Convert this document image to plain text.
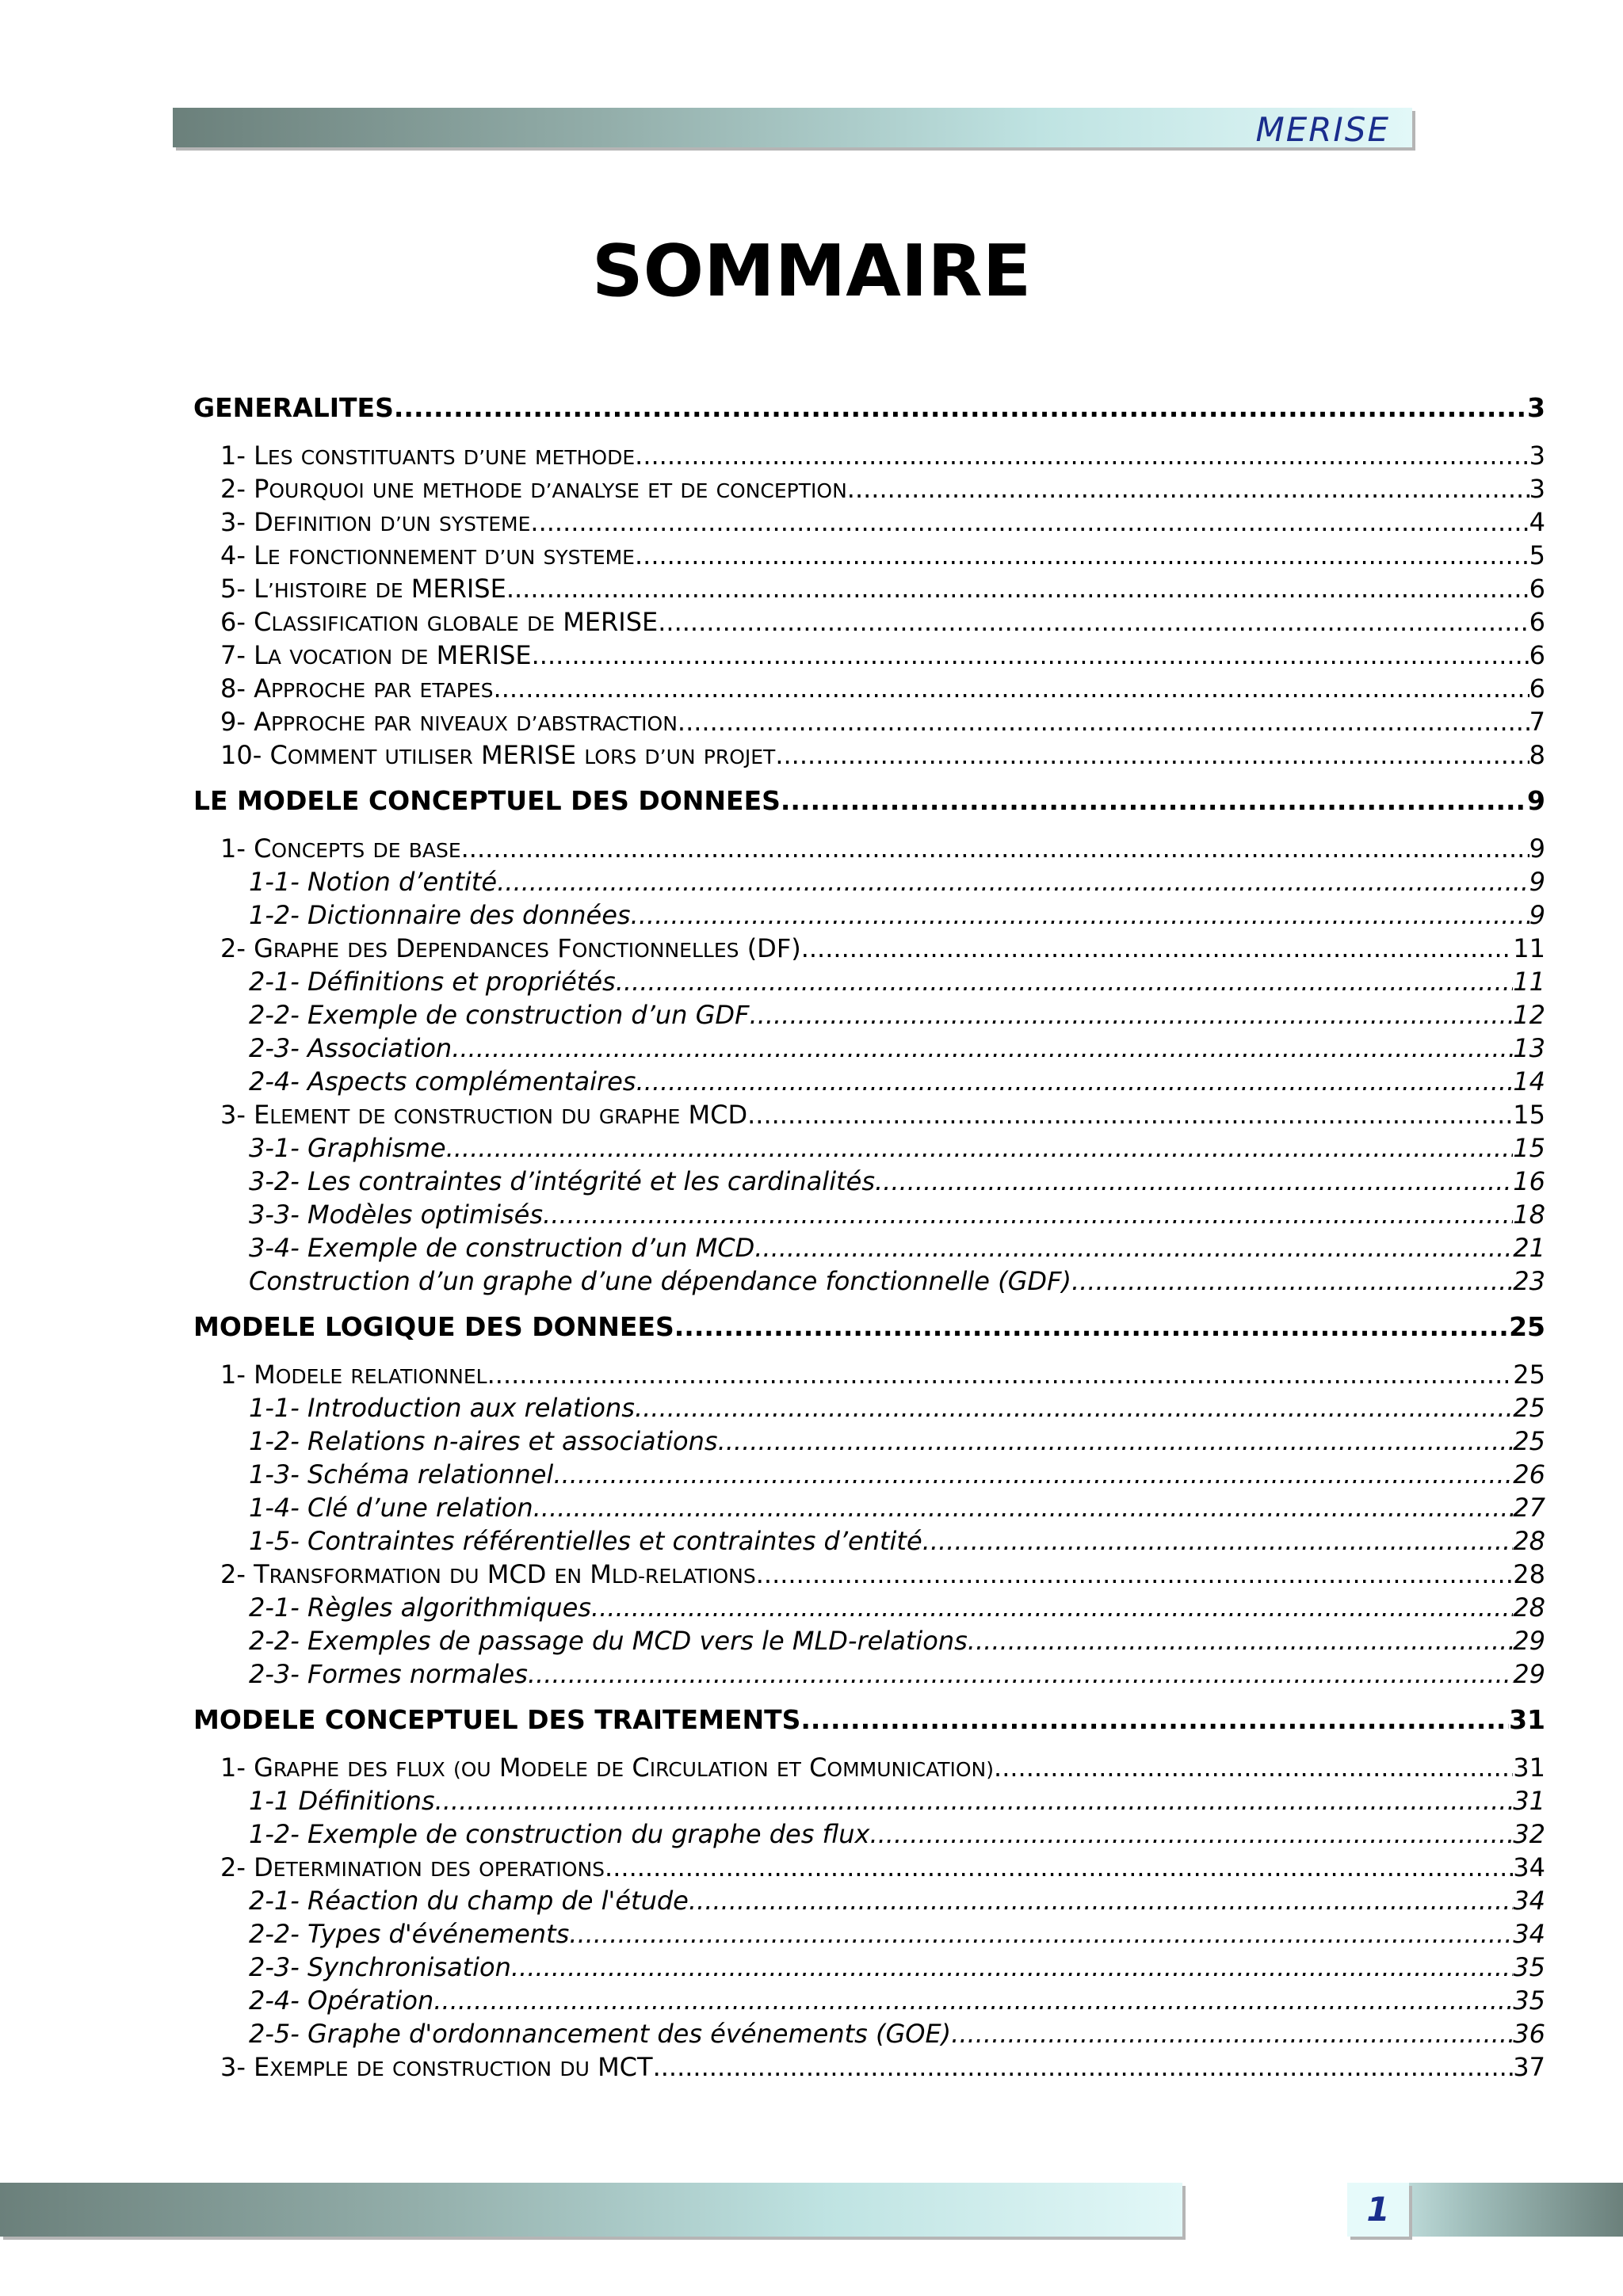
MERISE
SOMMAIRE
GENERALITES .....	3
1- LES CONSTITUANTS D’UNE METHODE .....	3
2- POURQUOI UNE METHODE D’ANALYSE ET DE CONCEPTION .....	3
3- DEFINITION D’UN SYSTEME .....	4
4- LE FONCTIONNEMENT D’UN SYSTEME .....	5
5- L’HISTOIRE DE MERISE .....	6
6- CLASSIFICATION GLOBALE DE MERISE .....	6
7- LA VOCATION DE MERISE .....	6
8- APPROCHE PAR ETAPES .....	6
9- APPROCHE PAR NIVEAUX D’ABSTRACTION .....	7
10- COMMENT UTILISER MERISE LORS D’UN PROJET .....	8
LE MODELE CONCEPTUEL DES DONNEES .....	9
1- CONCEPTS DE BASE .....	9
1-1- Notion d’entité .....	9
1-2- Dictionnaire des données .....	9
2- GRAPHE DES DEPENDANCES FONCTIONNELLES (DF) .....	11
2-1- Définitions et propriétés .....	11
2-2- Exemple de construction d’un GDF .....	12
2-3- Association .....	13
2-4- Aspects complémentaires .....	14
3- ELEMENT DE CONSTRUCTION DU GRAPHE MCD .....	15
3-1- Graphisme .....	15
3-2- Les contraintes d’intégrité et les cardinalités .....	16
3-3- Modèles optimisés .....	18
3-4- Exemple de construction d’un MCD .....	21
Construction d’un graphe d’une dépendance fonctionnelle (GDF) .....	23
MODELE LOGIQUE DES DONNEES .....	25
1- MODELE RELATIONNEL .....	25
1-1- Introduction aux relations .....	25
1-2- Relations n-aires et associations .....	25
1-3- Schéma relationnel .....	26
1-4- Clé d’une relation .....	27
1-5- Contraintes référentielles et contraintes d’entité .....	28
2- TRANSFORMATION DU MCD EN MLD-RELATIONS .....	28
2-1- Règles algorithmiques .....	28
2-2- Exemples de passage du MCD vers le MLD-relations .....	29
2-3- Formes normales .....	29
MODELE CONCEPTUEL DES TRAITEMENTS .....	31
1- GRAPHE DES FLUX (OU MODELE DE CIRCULATION ET COMMUNICATION) .....	31
1-1 Définitions .....	31
1-2- Exemple de construction du graphe des flux .....	32
2- DETERMINATION DES OPERATIONS .....	34
2-1- Réaction du champ de l'étude .....	34
2-2- Types d'événements .....	34
2-3- Synchronisation .....	35
2-4- Opération .....	35
2-5- Graphe d'ordonnancement des événements (GOE) .....	36
3- EXEMPLE DE CONSTRUCTION DU MCT .....	37
1
